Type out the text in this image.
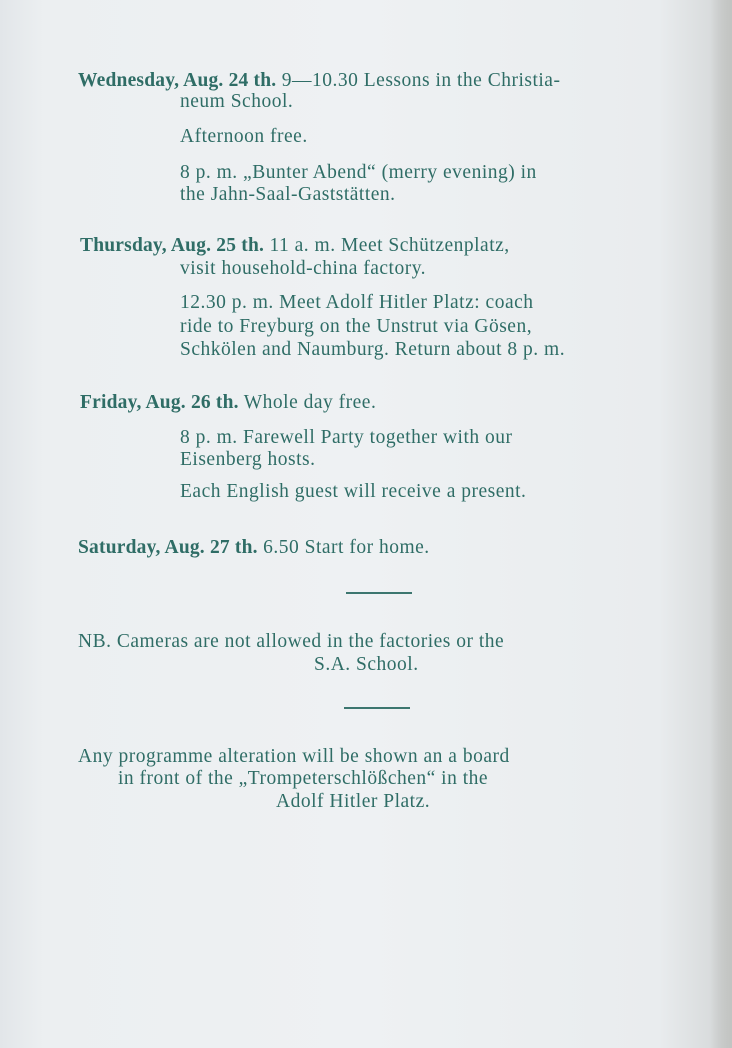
Wednesday, Aug. 24 th. 9—10.30 Lessons in the Christia-
neum School.
Afternoon free.
8 p. m. „Bunter Abend“ (merry evening) in
the Jahn-Saal-Gaststätten.
Thursday, Aug. 25 th. 11 a. m. Meet Schützenplatz,
visit household-china factory.
12.30 p. m. Meet Adolf Hitler Platz: coach
ride to Freyburg on the Unstrut via Gösen,
Schkölen and Naumburg. Return about 8 p. m.
Friday, Aug. 26 th. Whole day free.
8 p. m. Farewell Party together with our
Eisenberg hosts.
Each English guest will receive a present.
Saturday, Aug. 27 th. 6.50 Start for home.
NB. Cameras are not allowed in the factories or the
S.A. School.
Any programme alteration will be shown an a board
in front of the „Trompeterschlößchen“ in the
Adolf Hitler Platz.
